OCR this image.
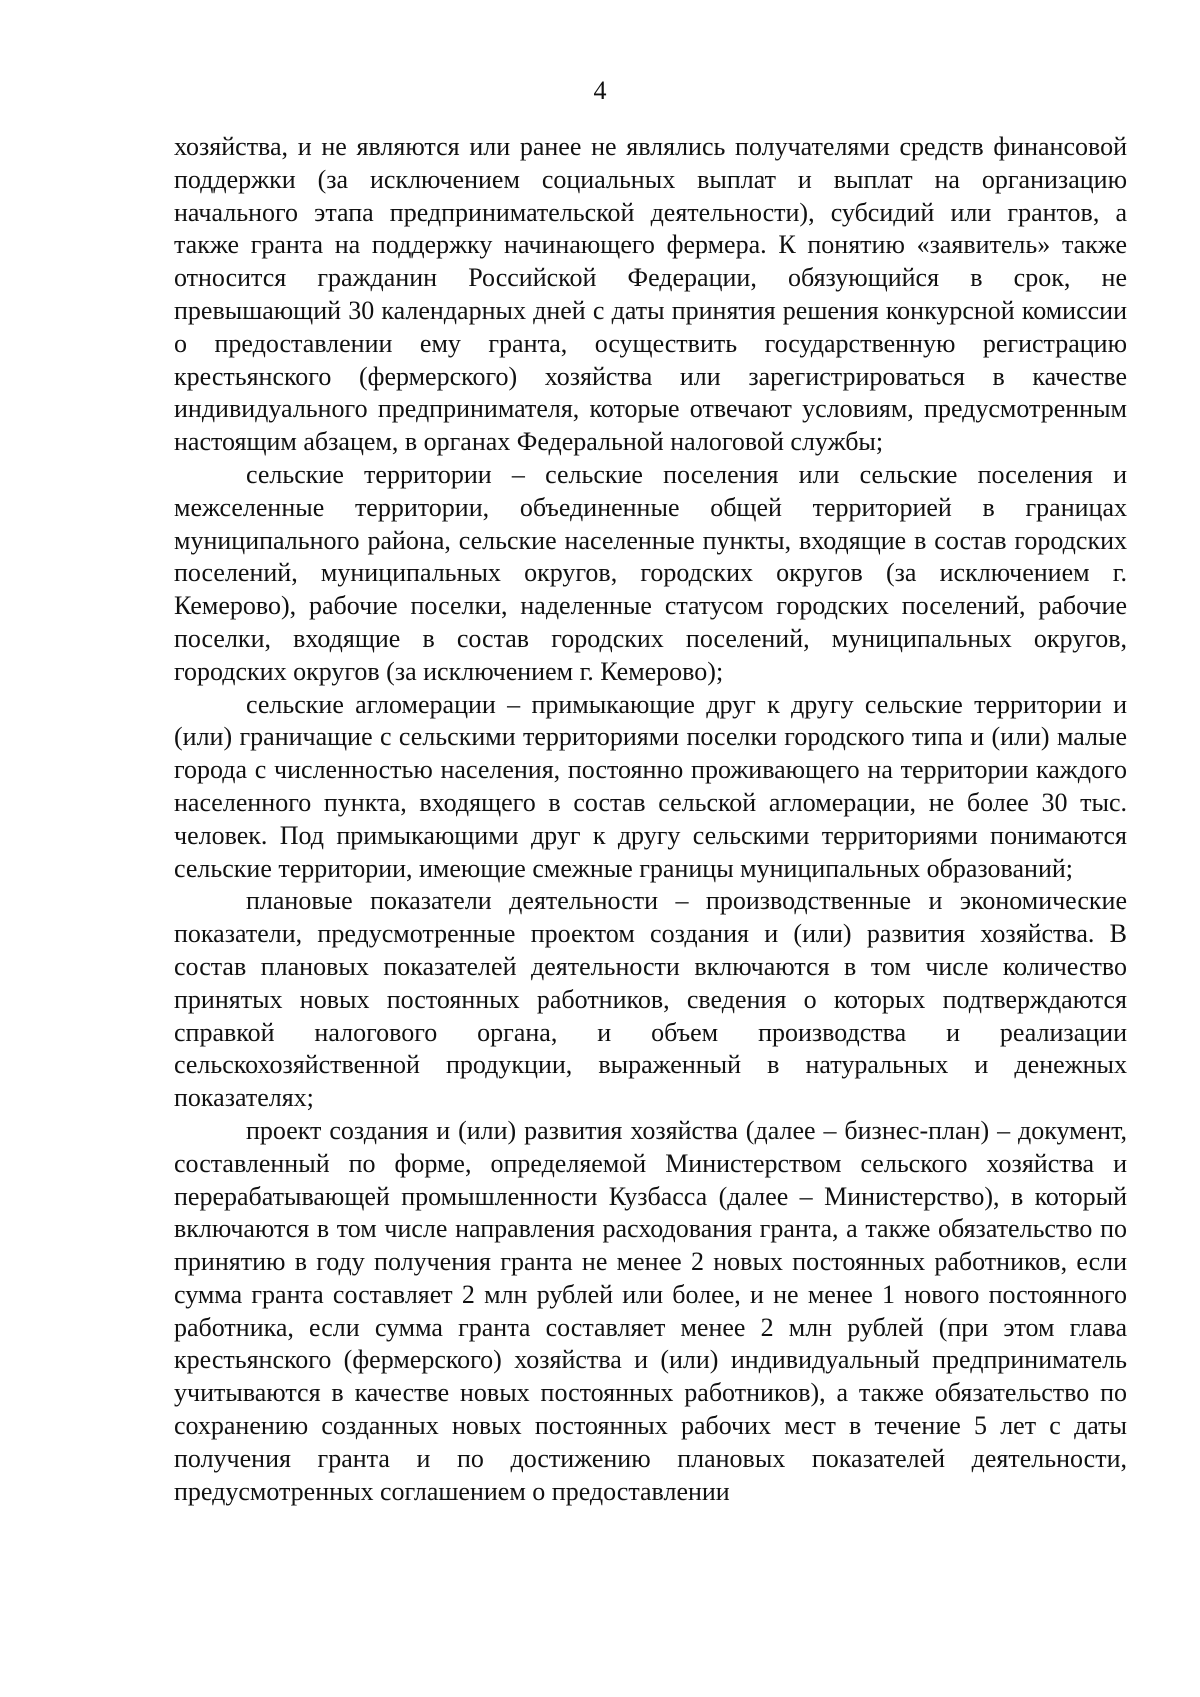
4

хозяйства, и не являются или ранее не являлись получателями средств финансовой поддержки (за исключением социальных выплат и выплат на организацию начального этапа предпринимательской деятельности), субсидий или грантов, а также гранта на поддержку начинающего фермера. К понятию «заявитель» также относится гражданин Российской Федерации, обязующийся в срок, не превышающий 30 календарных дней с даты принятия решения конкурсной комиссии о предоставлении ему гранта, осуществить государственную регистрацию крестьянского (фермерского) хозяйства или зарегистрироваться в качестве индивидуального предпринимателя, которые отвечают условиям, предусмотренным настоящим абзацем, в органах Федеральной налоговой службы;

сельские территории – сельские поселения или сельские поселения и межселенные территории, объединенные общей территорией в границах муниципального района, сельские населенные пункты, входящие в состав городских поселений, муниципальных округов, городских округов (за исключением г. Кемерово), рабочие поселки, наделенные статусом городских поселений, рабочие поселки, входящие в состав городских поселений, муниципальных округов, городских округов (за исключением г. Кемерово);

сельские агломерации – примыкающие друг к другу сельские территории и (или) граничащие с сельскими территориями поселки городского типа и (или) малые города с численностью населения, постоянно проживающего на территории каждого населенного пункта, входящего в состав сельской агломерации, не более 30 тыс. человек. Под примыкающими друг к другу сельскими территориями понимаются сельские территории, имеющие смежные границы муниципальных образований;

плановые показатели деятельности – производственные и экономические показатели, предусмотренные проектом создания и (или) развития хозяйства. В состав плановых показателей деятельности включаются в том числе количество принятых новых постоянных работников, сведения о которых подтверждаются справкой налогового органа, и объем производства и реализации сельскохозяйственной продукции, выраженный в натуральных и денежных показателях;

проект создания и (или) развития хозяйства (далее – бизнес-план) – документ, составленный по форме, определяемой Министерством сельского хозяйства и перерабатывающей промышленности Кузбасса (далее – Министерство), в который включаются в том числе направления расходования гранта, а также обязательство по принятию в году получения гранта не менее 2 новых постоянных работников, если сумма гранта составляет 2 млн рублей или более, и не менее 1 нового постоянного работника, если сумма гранта составляет менее 2 млн рублей (при этом глава крестьянского (фермерского) хозяйства и (или) индивидуальный предприниматель учитываются в качестве новых постоянных работников), а также обязательство по сохранению созданных новых постоянных рабочих мест в течение 5 лет с даты получения гранта и по достижению плановых показателей деятельности, предусмотренных соглашением о предоставлении
